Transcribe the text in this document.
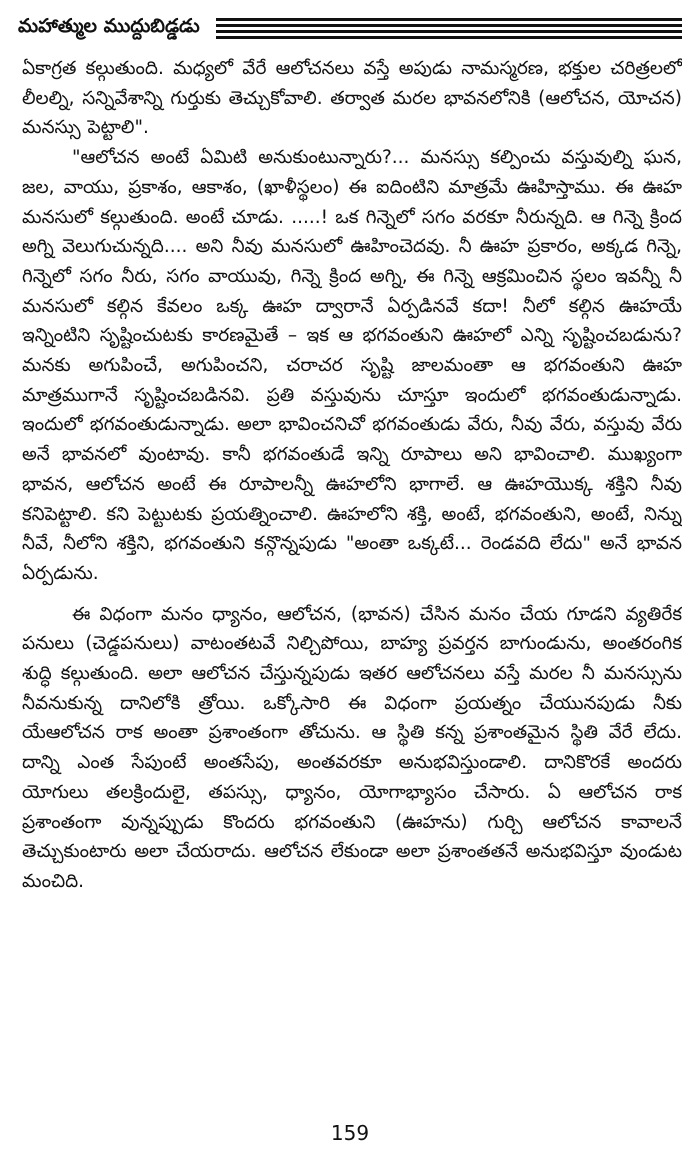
మహాత్ముల ముద్దుబిడ్డడు

ఏకాగ్రత కల్గుతుంది. మధ్యలో వేరే ఆలోచనలు వస్తే అపుడు నామస్మరణ, భక్తుల చరిత్రలలో లీలల్ని, సన్నివేశాన్ని గుర్తుకు తెచ్చుకోవాలి. తర్వాత మరల భావనలోనికి (ఆలోచన, యోచన) మనస్సు పెట్టాలి".

"ఆలోచన అంటే ఏమిటి అనుకుంటున్నారు?... మనస్సు కల్పించు వస్తువుల్ని ఘన, జల, వాయు, ప్రకాశం, ఆకాశం, (ఖాళీస్థలం) ఈ ఐదింటిని మాత్రమే ఊహిస్తాము. ఈ ఊహ మనసులో కల్గుతుంది. అంటే చూడు. .....! ఒక గిన్నెలో సగం వరకూ నీరున్నది. ఆ గిన్నె క్రింద అగ్ని వెలుగుచున్నది.... అని నీవు మనసులో ఊహించెదవు. నీ ఊహ ప్రకారం, అక్కడ గిన్నె, గిన్నెలో సగం నీరు, సగం వాయువు, గిన్నె క్రింద అగ్ని, ఈ గిన్నె ఆక్రమించిన స్థలం ఇవన్నీ నీ మనసులో కల్గిన కేవలం ఒక్క ఊహ ద్వారానే ఏర్పడినవే కదా! నీలో కల్గిన ఊహయే ఇన్నింటిని సృష్టించుటకు కారణమైతే – ఇక ఆ భగవంతుని ఊహలో ఎన్ని సృష్టించబడును? మనకు అగుపించే, అగుపించని, చరాచర సృష్టి జాలమంతా ఆ భగవంతుని ఊహ మాత్రముగానే సృష్టించబడినవి. ప్రతి వస్తువును చూస్తూ ఇందులో భగవంతుడున్నాడు. ఇందులో భగవంతుడున్నాడు. అలా భావించనిచో భగవంతుడు వేరు, నీవు వేరు, వస్తువు వేరు అనే భావనలో వుంటావు. కానీ భగవంతుడే ఇన్ని రూపాలు అని భావించాలి. ముఖ్యంగా భావన, ఆలోచన అంటే ఈ రూపాలన్నీ ఊహలోని భాగాలే. ఆ ఊహయొక్క శక్తిని నీవు కనిపెట్టాలి. కని పెట్టుటకు ప్రయత్నించాలి. ఊహలోని శక్తి, అంటే, భగవంతుని, అంటే, నిన్ను నీవే, నీలోని శక్తిని, భగవంతుని కన్గొన్నపుడు "అంతా ఒక్కటే... రెండవది లేదు" అనే భావన ఏర్పడును.

ఈ విధంగా మనం ధ్యానం, ఆలోచన, (భావన) చేసిన మనం చేయ గూడని వ్యతిరేక పనులు (చెడ్డపనులు) వాటంతటవే నిల్చిపోయి, బాహ్య ప్రవర్తన బాగుండును, అంతరంగిక శుద్ధి కల్గుతుంది. అలా ఆలోచన చేస్తున్నపుడు ఇతర ఆలోచనలు వస్తే మరల నీ మనస్సును నీవనుకున్న దానిలోకి త్రోయి. ఒక్కోసారి ఈ విధంగా ప్రయత్నం చేయునపుడు నీకు యేఆలోచన రాక అంతా ప్రశాంతంగా తోచును. ఆ స్థితి కన్న ప్రశాంతమైన స్థితి వేరే లేదు. దాన్ని ఎంత సేపుంటే అంతసేపు, అంతవరకూ అనుభవిస్తుండాలి. దానికొరకే అందరు యోగులు తలక్రిందులై, తపస్సు, ధ్యానం, యోగాభ్యాసం చేసారు. ఏ ఆలోచన రాక ప్రశాంతంగా వున్నప్పుడు కొందరు భగవంతుని (ఊహను) గుర్చి ఆలోచన కావాలనే తెచ్చుకుంటారు అలా చేయరాదు. ఆలోచన లేకుండా అలా ప్రశాంతతనే అనుభవిస్తూ వుండుట మంచిది.

159
